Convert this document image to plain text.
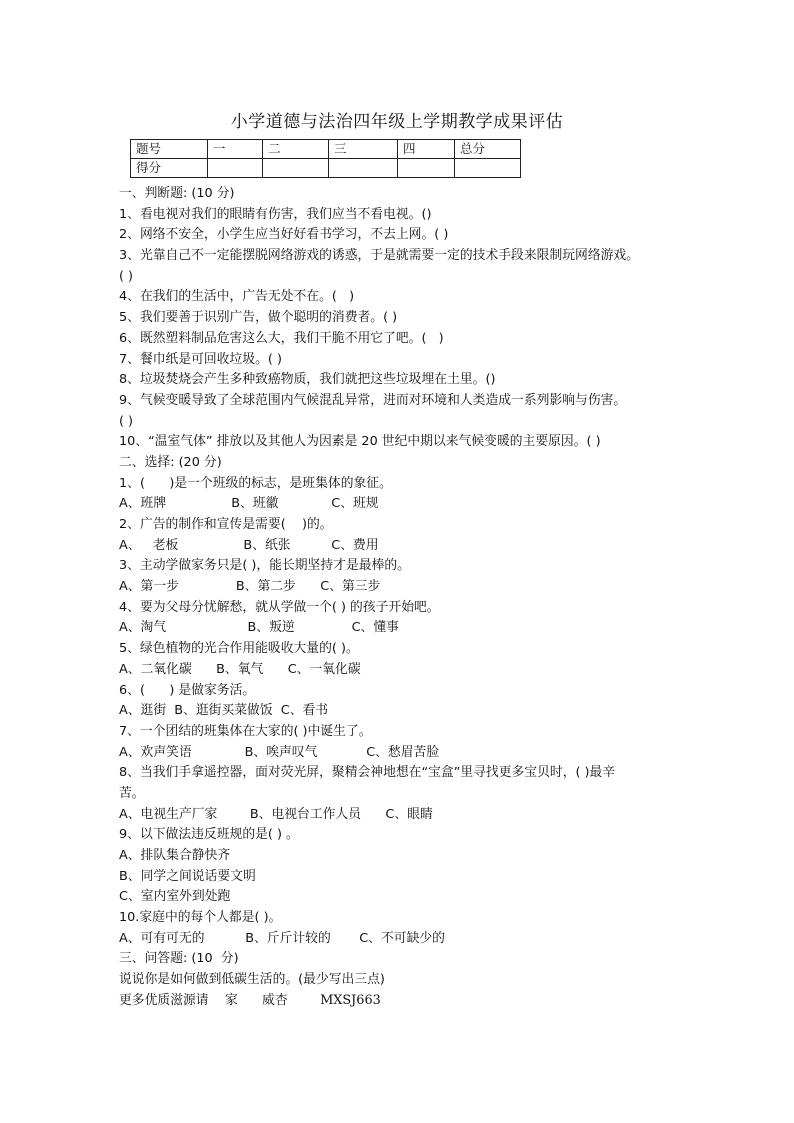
小学道德与法治四年级上学期教学成果评估
题号	一	二	三	四	总分
得分					
一、判断题: (10 分)
1、看电视对我们的眼睛有伤害，我们应当不看电视。()
2、网络不安全，小学生应当好好看书学习，不去上网。( )
3、光靠自己不一定能摆脱网络游戏的诱惑，于是就需要一定的技术手段来限制玩网络游戏。
( )
4、在我们的生活中，广告无处不在。(   )
5、我们要善于识别广告，做个聪明的消费者。( )
6、既然塑料制品危害这么大，我们干脆不用它了吧。(   )
7、餐巾纸是可回收垃圾。( )
8、垃圾焚烧会产生多种致癌物质，我们就把这些垃圾埋在土里。()
9、气候变暖导致了全球范围内气候混乱异常，进而对环境和人类造成一系列影响与伤害。
( )
10、“温室气体” 排放以及其他人为因素是 20 世纪中期以来气候变暖的主要原因。( )
二、选择: (20 分)
1、(      )是一个班级的标志，是班集体的象征。
A、班牌                B、班徽             C、班规
2、广告的制作和宣传是需要(    )的。
A、   老板                B、纸张          C、费用
3、主动学做家务只是( )，能长期坚持才是最棒的。
A、第一步              B、第二步      C、第三步
4、要为父母分忧解愁，就从学做一个( ) 的孩子开始吧。
A、淘气                    B、叛逆              C、懂事
5、绿色植物的光合作用能吸收大量的( )。
A、二氧化碳      B、氧气      C、一氧化碳
6、(      ) 是做家务活。
A、逛街  B、逛街买菜做饭  C、看书
7、一个团结的班集体在大家的( )中诞生了。
A、欢声笑语             B、唉声叹气            C、愁眉苦脸
8、当我们手拿遥控器，面对荧光屏，聚精会神地想在“宝盒”里寻找更多宝贝时，( )最辛
苦。
A、电视生产厂家        B、电视台工作人员      C、眼睛
9、以下做法违反班规的是( ) 。
A、排队集合静快齐
B、同学之间说话要文明
C、室内室外到处跑
10.家庭中的每个人都是( )。
A、可有可无的          B、斤斤计较的       C、不可缺少的
三、问答题: (10  分)
说说你是如何做到低碳生活的。(最少写出三点)
更多优质滋源请    家      威杏        MXSJ663
